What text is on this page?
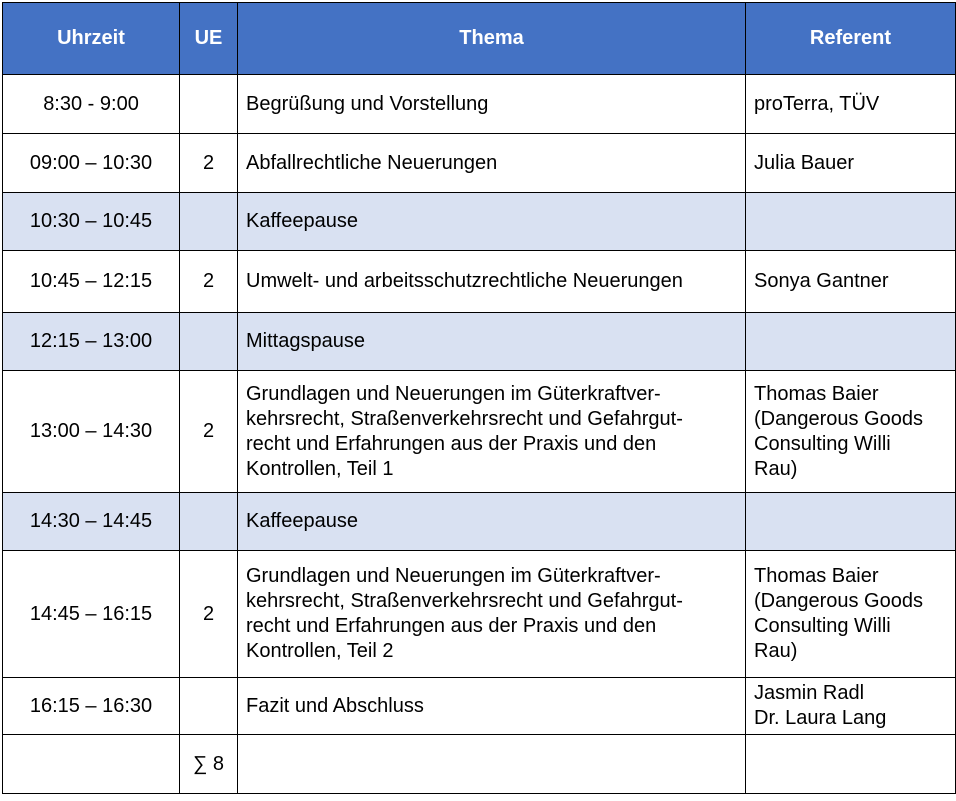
Uhrzeit	UE	Thema	Referent
8:30 - 9:00		Begrüßung und Vorstellung	proTerra, TÜV

09:00 – 10:30	2	Abfallrechtliche Neuerungen	Julia Bauer

10:30 – 10:45		Kaffeepause	

10:45 – 12:15	2	Umwelt- und arbeitsschutzrechtliche Neuerungen	Sonya Gantner

12:15 – 13:00		Mittagspause	

13:00 – 14:30	2	Grundlagen und Neuerungen im Güterkraftver-
kehrsrecht, Straßenverkehrsrecht und Gefahrgut-
recht und Erfahrungen aus der Praxis und den
Kontrollen, Teil 1	Thomas Baier
(Dangerous Goods
Consulting Willi
Rau)

14:30 – 14:45		Kaffeepause	

14:45 – 16:15	2	Grundlagen und Neuerungen im Güterkraftver-
kehrsrecht, Straßenverkehrsrecht und Gefahrgut-
recht und Erfahrungen aus der Praxis und den
Kontrollen, Teil 2	Thomas Baier
(Dangerous Goods
Consulting Willi
Rau)

16:15 – 16:30		Fazit und Abschluss	Jasmin Radl
Dr. Laura Lang

	∑ 8		
